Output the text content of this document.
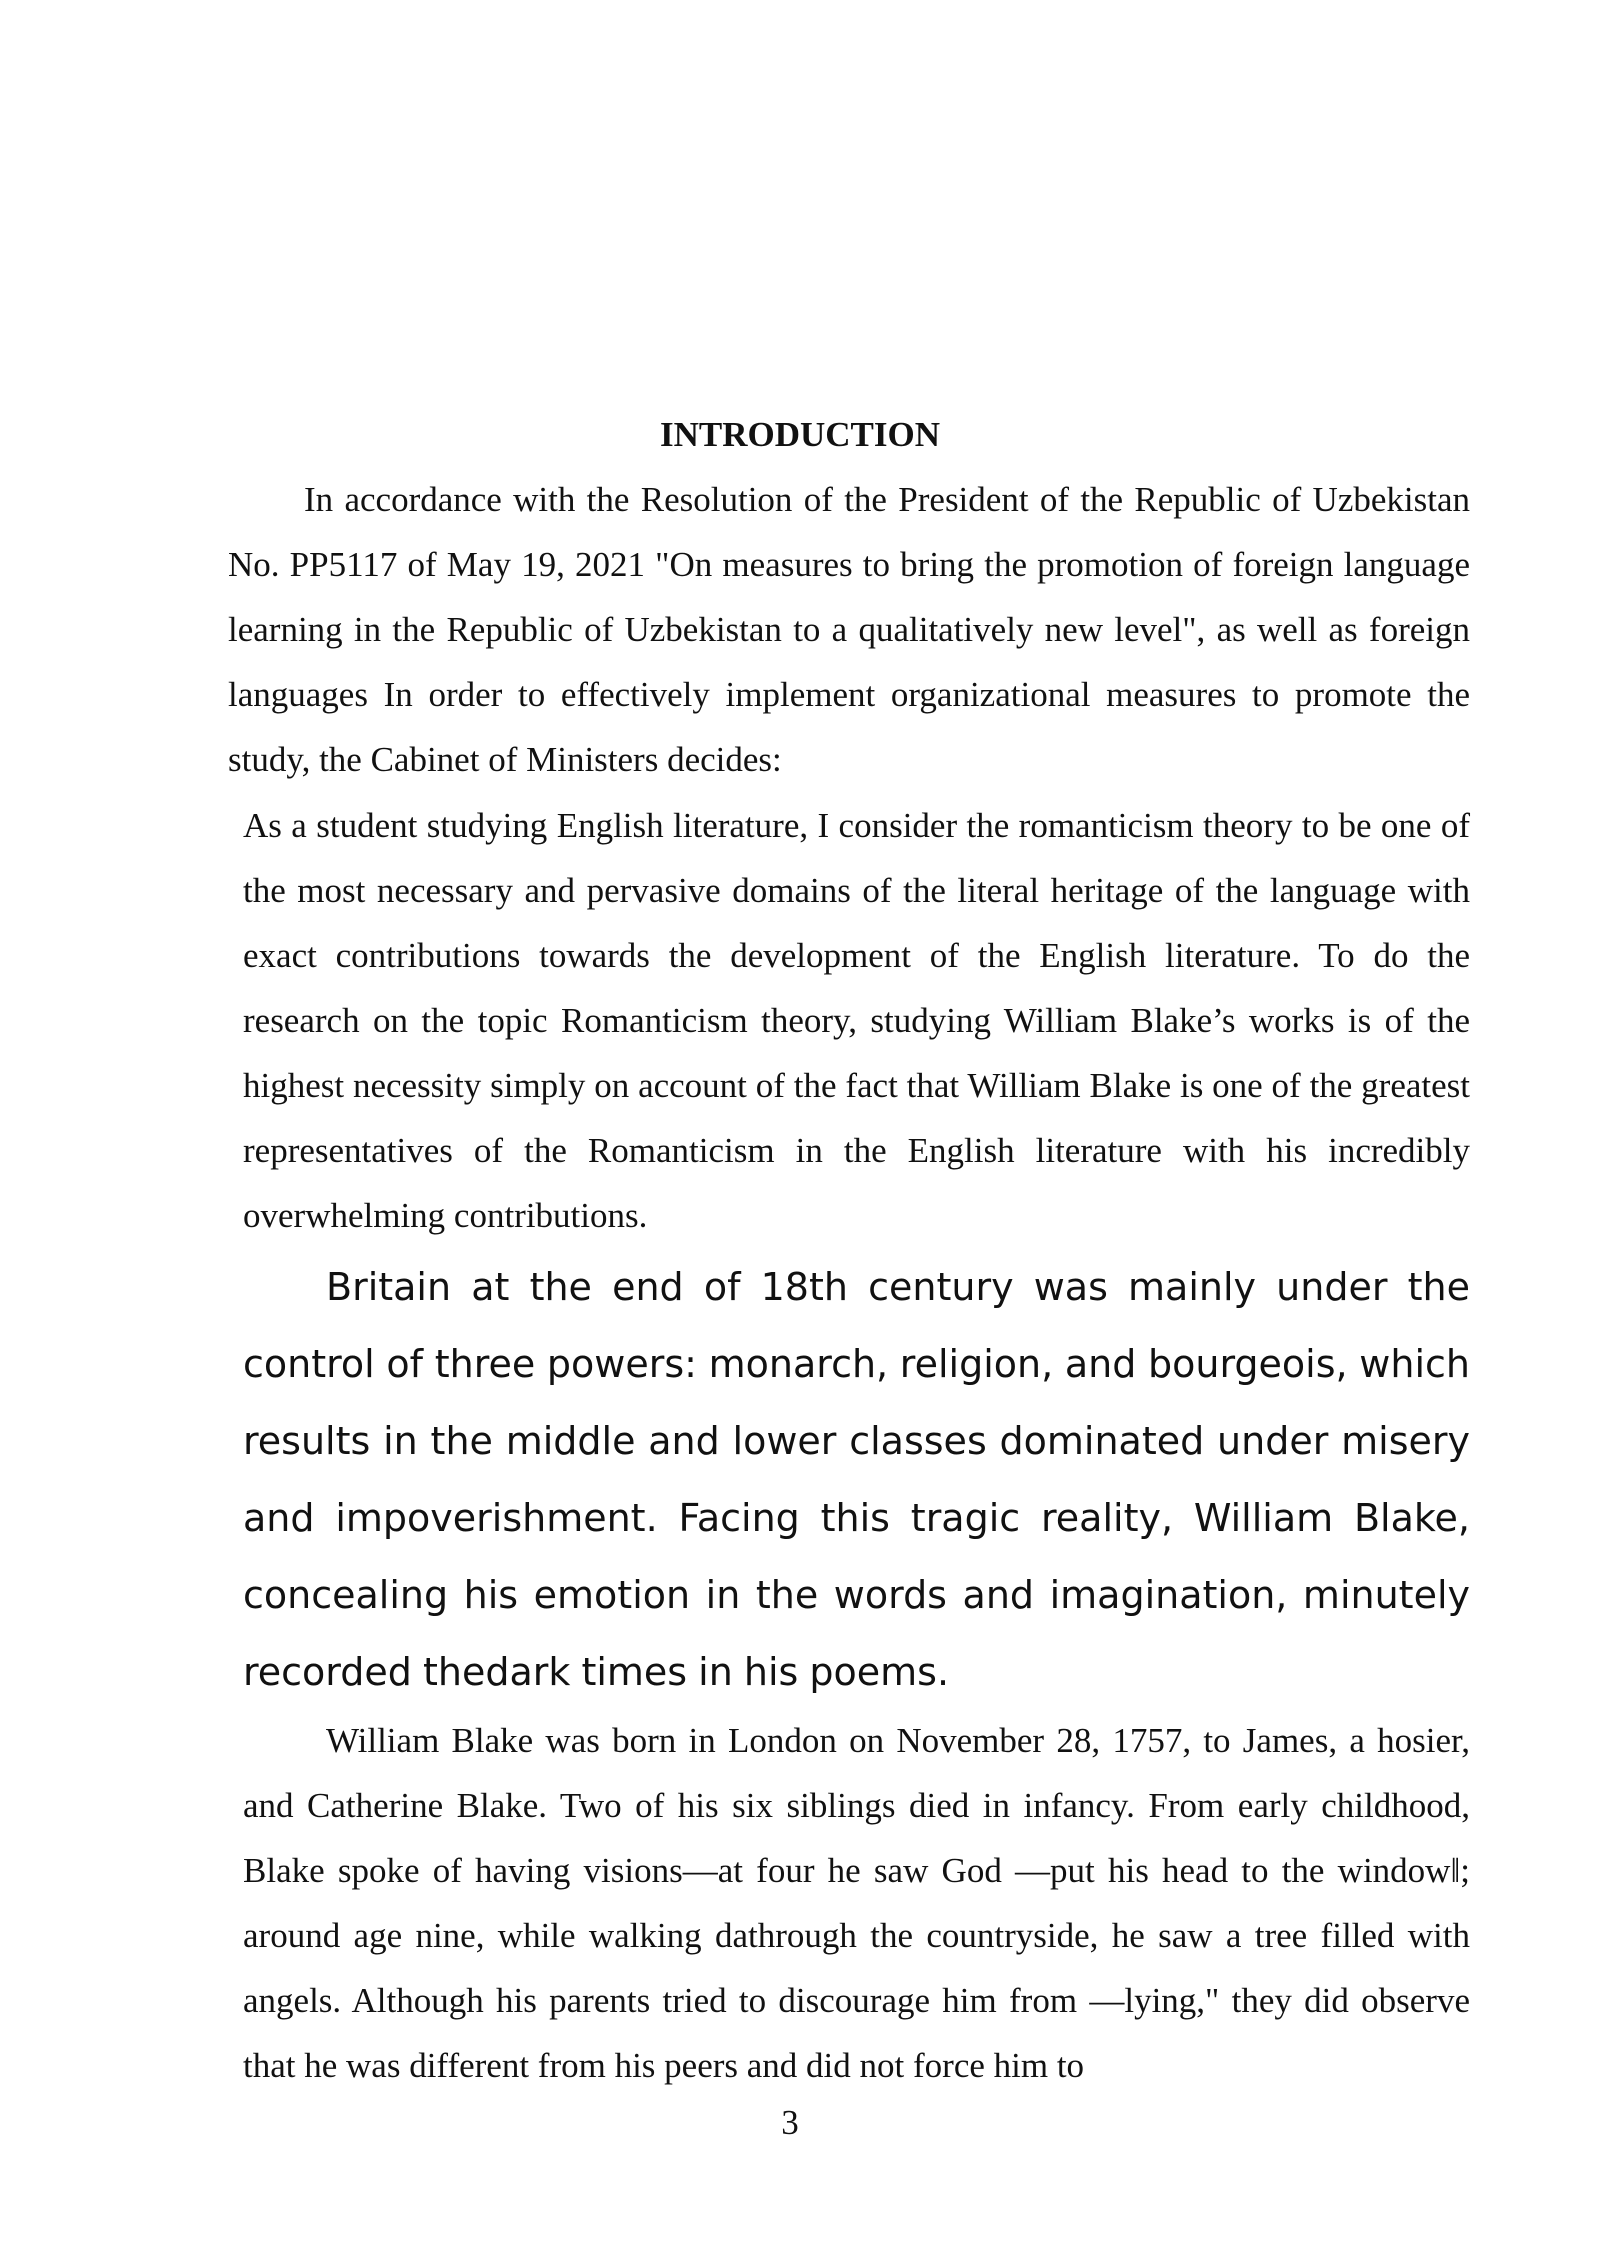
INTRODUCTION

In accordance with the Resolution of the President of the Republic of Uzbekistan No. PP5117 of May 19, 2021 "On measures to bring the promotion of foreign language learning in the Republic of Uzbekistan to a qualitatively new level", as well as foreign languages In order to effectively implement organizational measures to promote the study, the Cabinet of Ministers decides:

As a student studying English literature, I consider the romanticism theory to be one of the most necessary and pervasive domains of the literal heritage of the language with exact contributions towards the development of the English literature. To do the research on the topic Romanticism theory, studying William Blake’s works is of the highest necessity simply on account of the fact that William Blake is one of the greatest representatives of the Romanticism in the English literature with his incredibly overwhelming contributions.

Britain at the end of 18th century was mainly under the control of three powers: monarch, religion, and bourgeois, which results in the middle and lower classes dominated under misery and impoverishment. Facing this tragic reality, William Blake, concealing his emotion in the words and imagination, minutely recorded thedark times in his poems.

William Blake was born in London on November 28, 1757, to James, a hosier, and Catherine Blake. Two of his six siblings died in infancy. From early childhood, Blake spoke of having visions—at four he saw God —put his head to the window‖; around age nine, while walking dathrough the countryside, he saw a tree filled with angels. Although his parents tried to discourage him from —lying," they did observe that he was different from his peers and did not force him to

3
